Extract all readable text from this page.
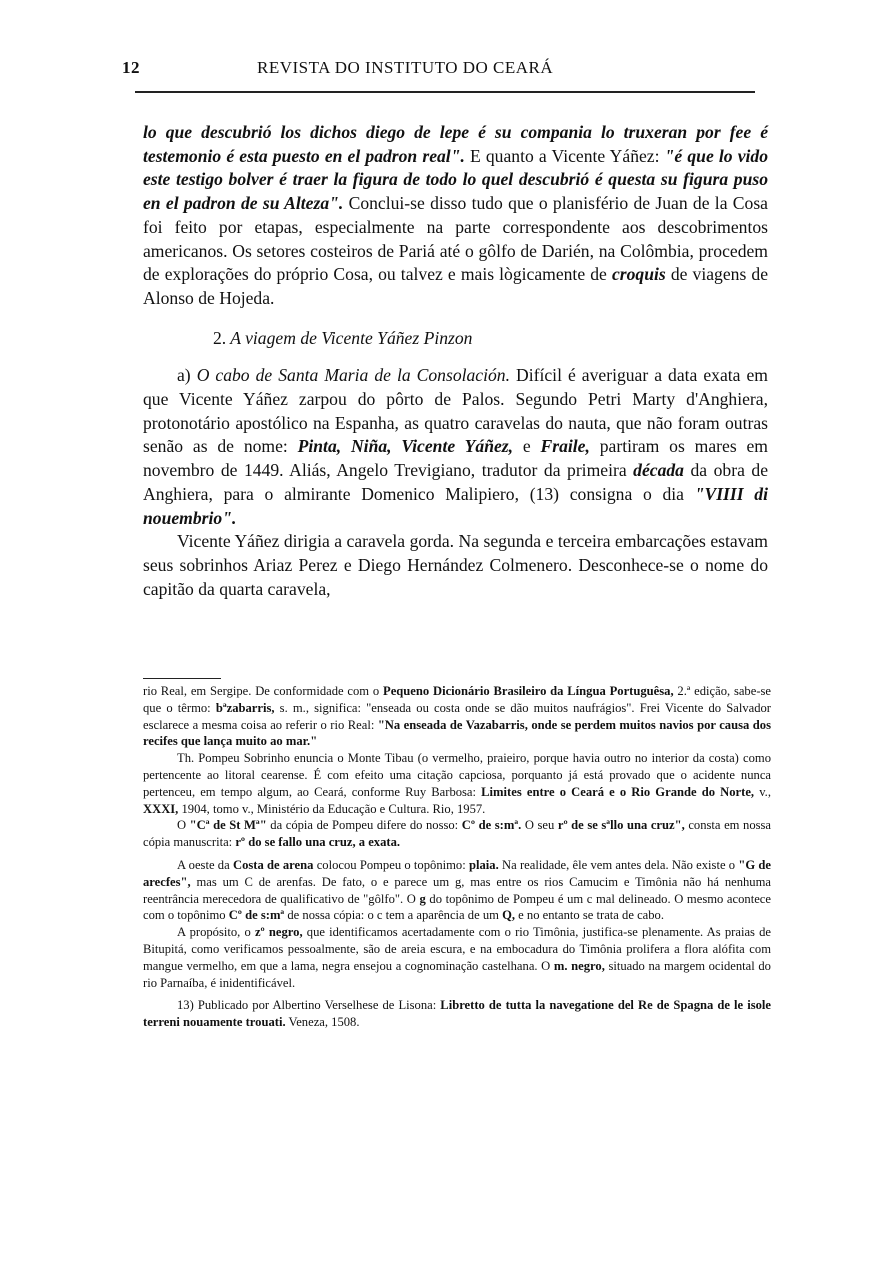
12	REVISTA DO INSTITUTO DO CEARÁ

lo que descubrió los dichos diego de lepe é su compania lo truxeran por fee é testemonio é esta puesto en el padron real". E quanto a Vicente Yáñez: "é que lo vido este testigo bolver é traer la figura de todo lo quel descubrió é questa su figura puso en el padron de su Alteza". Conclui-se disso tudo que o planisfério de Juan de la Cosa foi feito por etapas, especialmente na parte correspondente aos descobrimentos americanos. Os setores costeiros de Pariá até o gôlfo de Darién, na Colômbia, procedem de explorações do próprio Cosa, ou talvez e mais lògicamente de croquis de viagens de Alonso de Hojeda.

2. A viagem de Vicente Yáñez Pinzon

a) O cabo de Santa Maria de la Consolación. Difícil é averiguar a data exata em que Vicente Yáñez zarpou do pôrto de Palos. Segundo Petri Marty d'Anghiera, protonotário apostólico na Espanha, as quatro caravelas do nauta, que não foram outras senão as de nome: Pinta, Niña, Vicente Yáñez, e Fraile, partiram os mares em novembro de 1449. Aliás, Angelo Trevigiano, tradutor da primeira década da obra de Anghiera, para o almirante Domenico Malipiero, (13) consigna o dia "VIIII di nouembrio".

Vicente Yáñez dirigia a caravela gorda. Na segunda e terceira embarcações estavam seus sobrinhos Ariaz Perez e Diego Hernández Colmenero. Desconhece-se o nome do capitão da quarta caravela,

rio Real, em Sergipe. De conformidade com o Pequeno Dicionário Brasileiro da Língua Portuguêsa, 2.ª edição, sabe-se que o têrmo: bªzabarris, s. m., significa: "enseada ou costa onde se dão muitos naufrágios". Frei Vicente do Salvador esclarece a mesma coisa ao referir o rio Real: "Na enseada de Vazabarris, onde se perdem muitos navios por causa dos recifes que lança muito ao mar."

Th. Pompeu Sobrinho enuncia o Monte Tibau (o vermelho, praieiro, porque havia outro no interior da costa) como pertencente ao litoral cearense. É com efeito uma citação capciosa, porquanto já está provado que o acidente nunca pertenceu, em tempo algum, ao Ceará, conforme Ruy Barbosa: Limites entre o Ceará e o Rio Grande do Norte, v., XXXI, 1904, tomo v., Ministério da Educação e Cultura. Rio, 1957.

O "Cª de St Mª" da cópia de Pompeu difere do nosso: Cº de s:mª. O seu rº de se sªllo una cruz", consta em nossa cópia manuscrita: rº do se fallo una cruz, a exata.

A oeste da Costa de arena colocou Pompeu o topônimo: plaia. Na realidade, êle vem antes dela. Não existe o "G de arecfes", mas um C de arenfas. De fato, o e parece um g, mas entre os rios Camucim e Timônia não há nenhuma reentrância merecedora de qualificativo de "gôlfo". O g do topônimo de Pompeu é um c mal delineado. O mesmo acontece com o topônimo Cº de s:mª de nossa cópia: o c tem a aparência de um Q, e no entanto se trata de cabo.

A propósito, o zº negro, que identificamos acertadamente com o rio Timônia, justifica-se plenamente. As praias de Bitupitá, como verificamos pessoalmente, são de areia escura, e na embocadura do Timônia prolifera a flora alófita com mangue vermelho, em que a lama, negra ensejou a cognominação castelhana. O m. negro, situado na margem ocidental do rio Parnaíba, é inidentificável.

13) Publicado por Albertino Verselhese de Lisona: Libretto de tutta la navegatione del Re de Spagna de le isole terreni nouamente trouati. Veneza, 1508.
